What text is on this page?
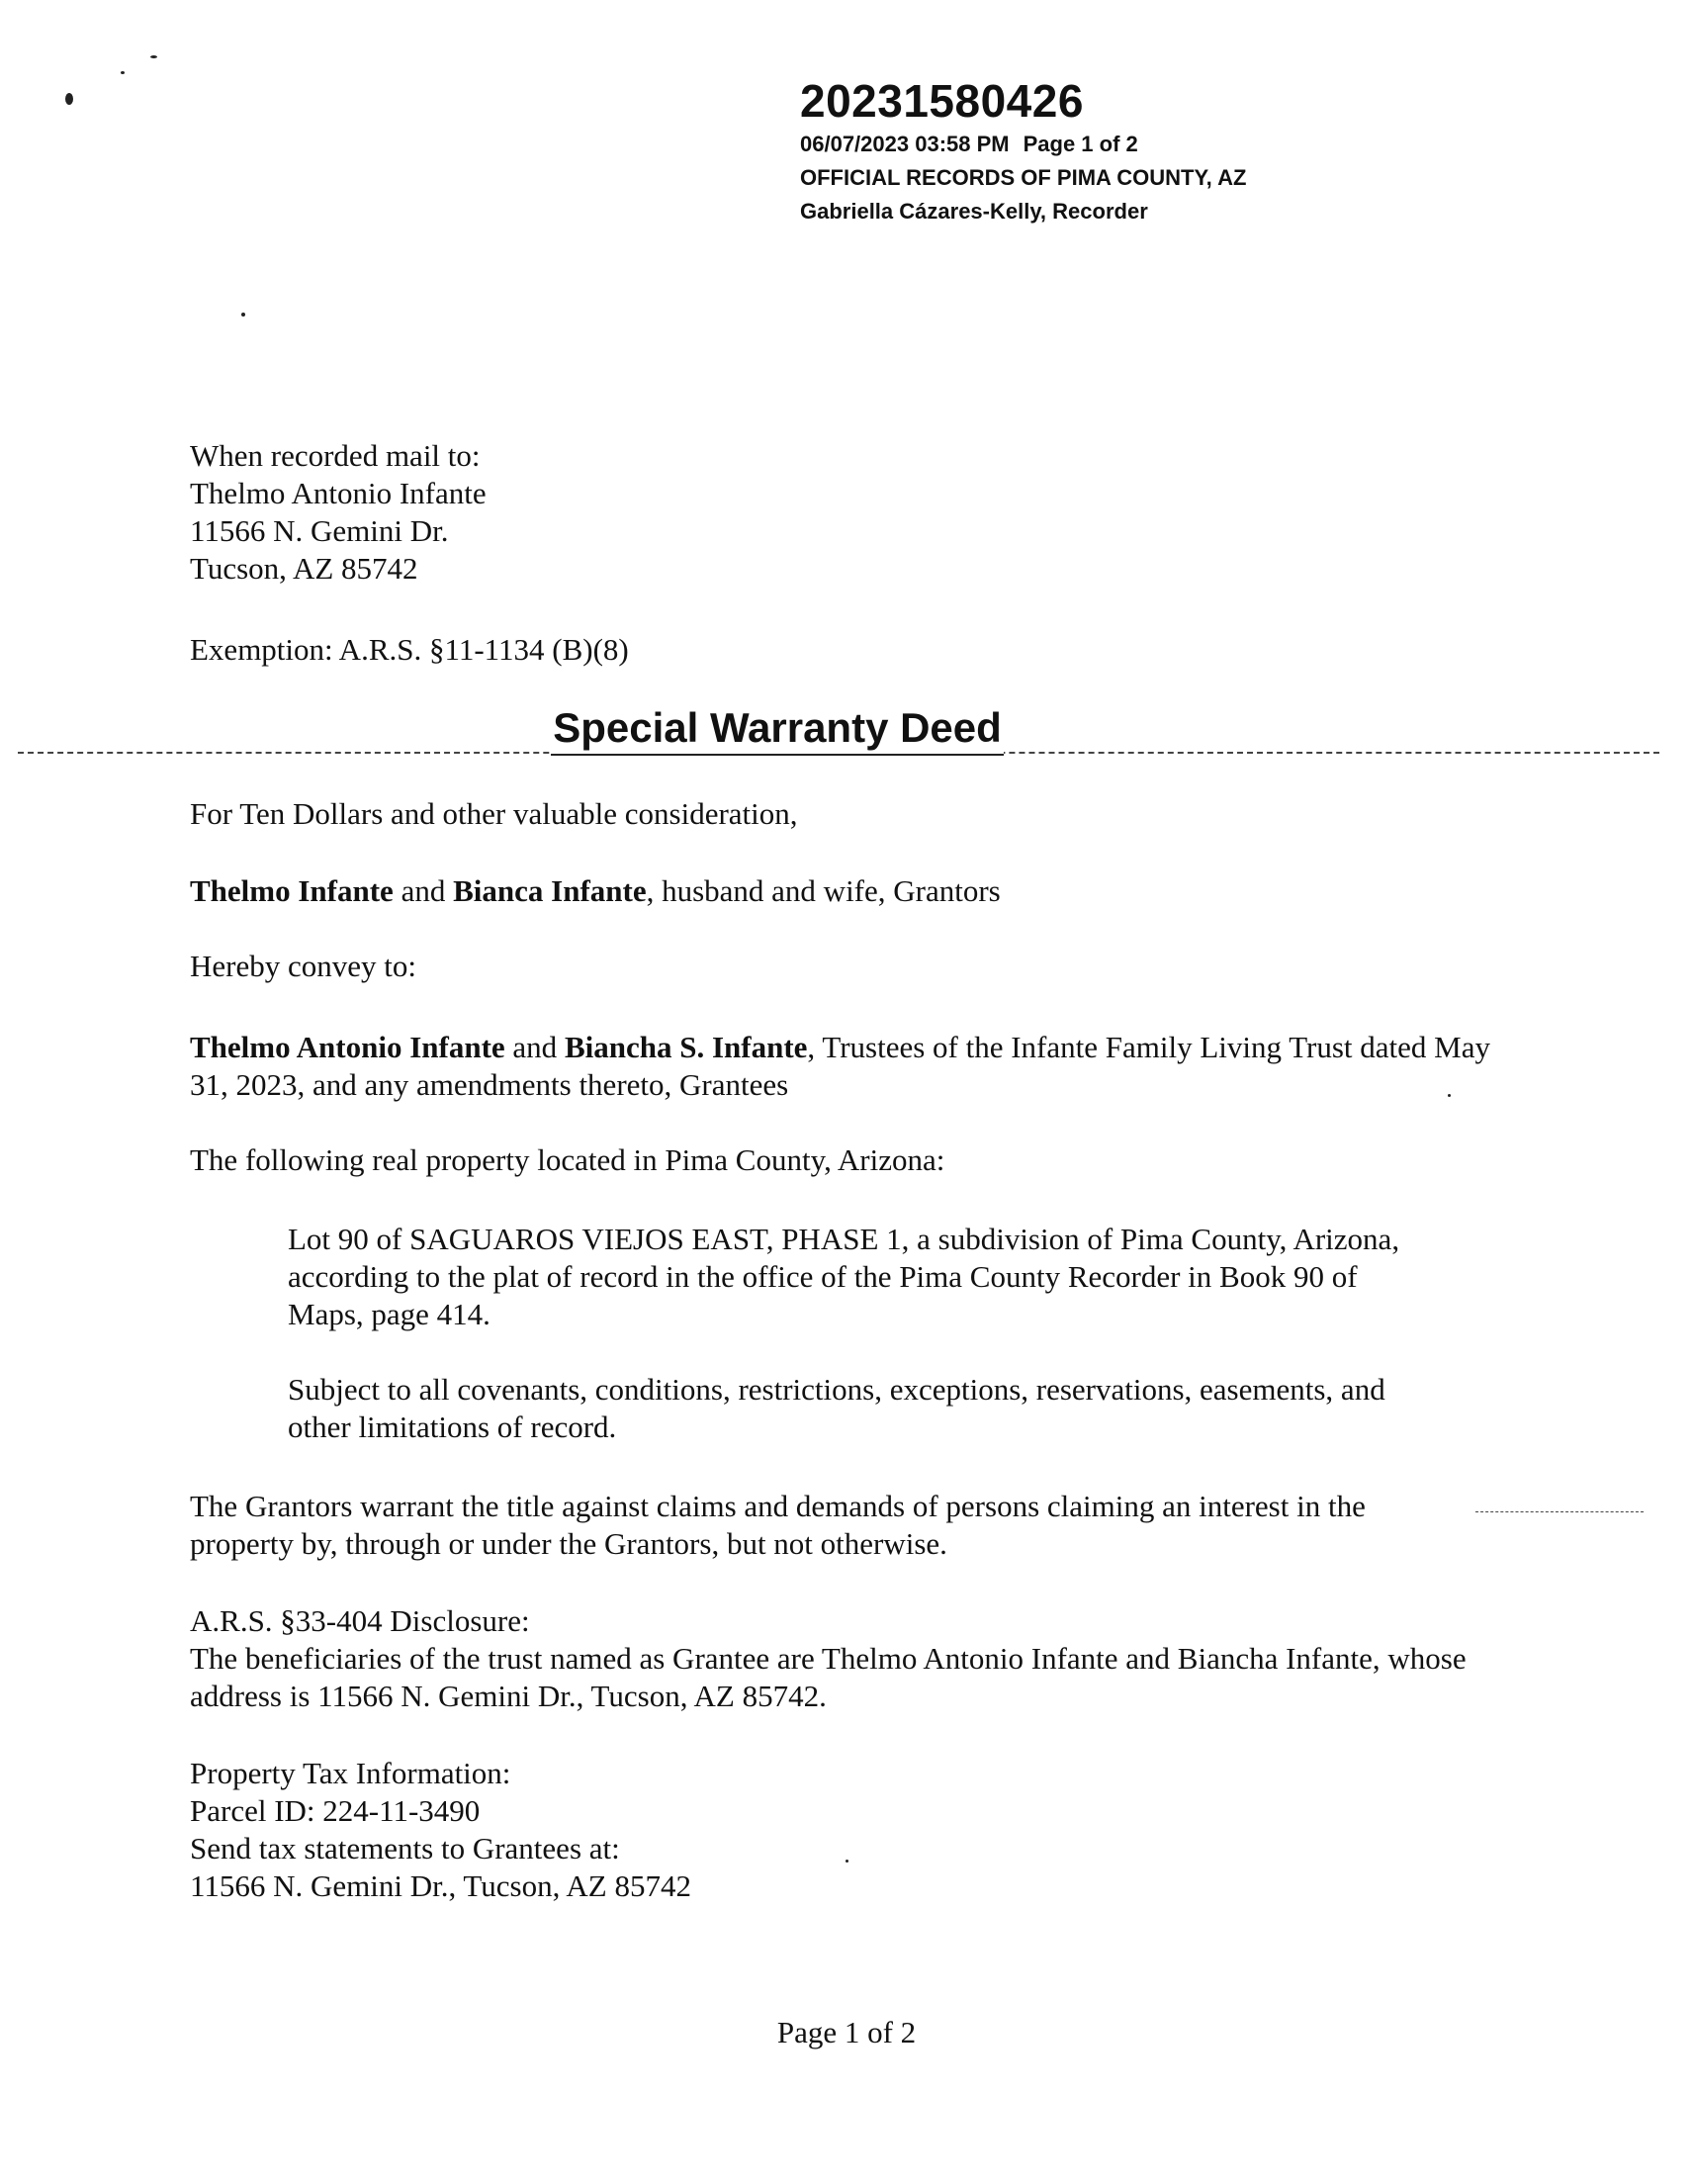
20231580426
06/07/2023 03:58 PM Page 1 of 2
OFFICIAL RECORDS OF PIMA COUNTY, AZ
Gabriella Cázares-Kelly, Recorder
When recorded mail to:
Thelmo Antonio Infante
11566 N. Gemini Dr.
Tucson, AZ 85742
Exemption: A.R.S. §11-1134 (B)(8)
Special Warranty Deed
For Ten Dollars and other valuable consideration,
Thelmo Infante and Bianca Infante, husband and wife, Grantors
Hereby convey to:
Thelmo Antonio Infante and Biancha S. Infante, Trustees of the Infante Family Living Trust dated May 31, 2023, and any amendments thereto, Grantees
The following real property located in Pima County, Arizona:
Lot 90 of SAGUAROS VIEJOS EAST, PHASE 1, a subdivision of Pima County, Arizona, according to the plat of record in the office of the Pima County Recorder in Book 90 of Maps, page 414.
Subject to all covenants, conditions, restrictions, exceptions, reservations, easements, and other limitations of record.
The Grantors warrant the title against claims and demands of persons claiming an interest in the property by, through or under the Grantors, but not otherwise.
A.R.S. §33-404 Disclosure:
The beneficiaries of the trust named as Grantee are Thelmo Antonio Infante and Biancha Infante, whose address is 11566 N. Gemini Dr., Tucson, AZ 85742.
Property Tax Information:
Parcel ID: 224-11-3490
Send tax statements to Grantees at:
11566 N. Gemini Dr., Tucson, AZ 85742
Page 1 of 2
